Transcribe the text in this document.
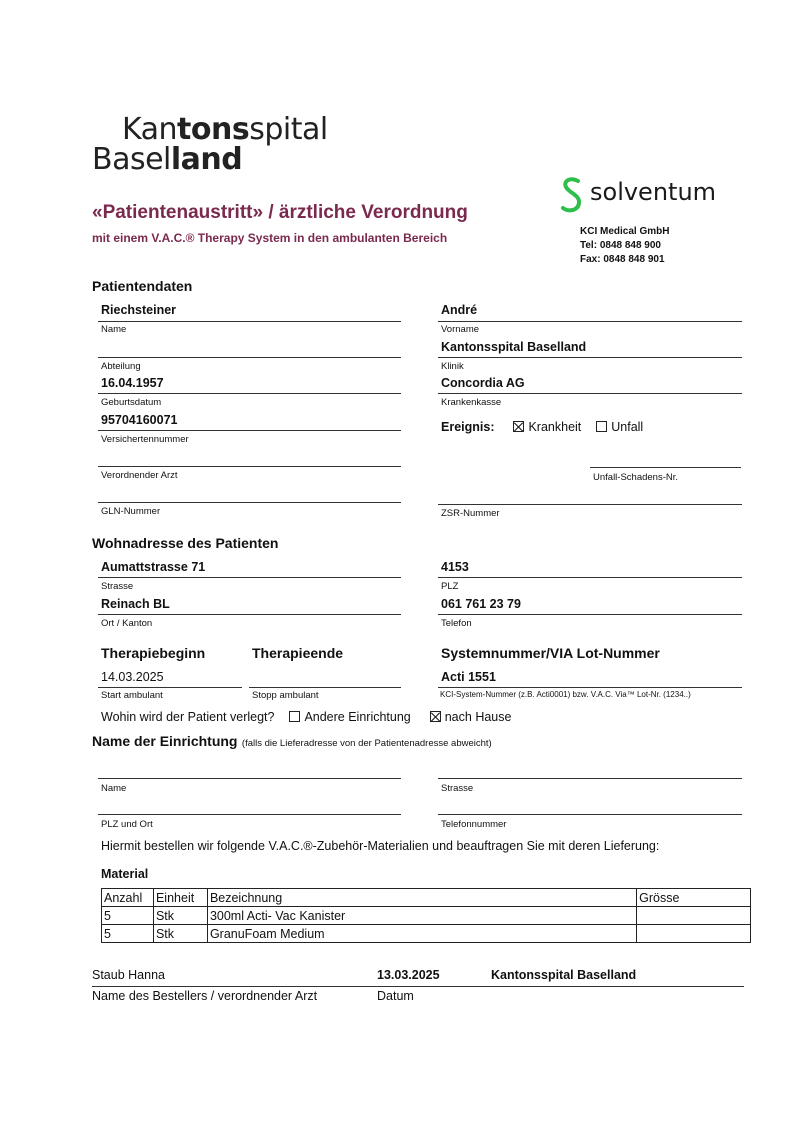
Kantonsspital
Baselland
«Patientenaustritt» / ärztliche Verordnung
mit einem V.A.C.® Therapy System in den ambulanten Bereich
solventum
KCI Medical GmbH
Tel: 0848 848 900
Fax: 0848 848 901
Patientendaten
Riechsteiner
Name
André
Vorname
Abteilung
Kantonsspital Baselland
Klinik
16.04.1957
Geburtsdatum
Concordia AG
Krankenkasse
95704160071
Versichertennummer
Ereignis:	Krankheit Unfall
Verordnender Arzt	Unfall-Schadens-Nr.
GLN-Nummer	ZSR-Nummer
Wohnadresse des Patienten
Aumattstrasse 71
Strasse
4153
PLZ
Reinach BL
Ort / Kanton
061 761 23 79
Telefon
Therapiebeginn	Therapieende	Systemnummer/VIA Lot-Nummer
14.03.2025
Start ambulant	Stopp ambulant
Acti 1551
KCI-System-Nummer (z.B. Acti0001) bzw. V.A.C. Via™ Lot-Nr. (1234..)
Wohin wird der Patient verlegt? Andere Einrichtung	nach Hause
Name der Einrichtung (falls die Lieferadresse von der Patientenadresse abweicht)
Name	Strasse
PLZ und Ort	Telefonnummer
Hiermit bestellen wir folgende V.A.C.®-Zubehör-Materialien und beauftragen Sie mit deren Lieferung:
Material
Anzahl	Einheit	Bezeichnung	Grösse
5	Stk	300ml Acti- Vac Kanister	
5	Stk	GranuFoam Medium	
Staub Hanna	13.03.2025	Kantonsspital Baselland
Name des Bestellers / verordnender Arzt	Datum
